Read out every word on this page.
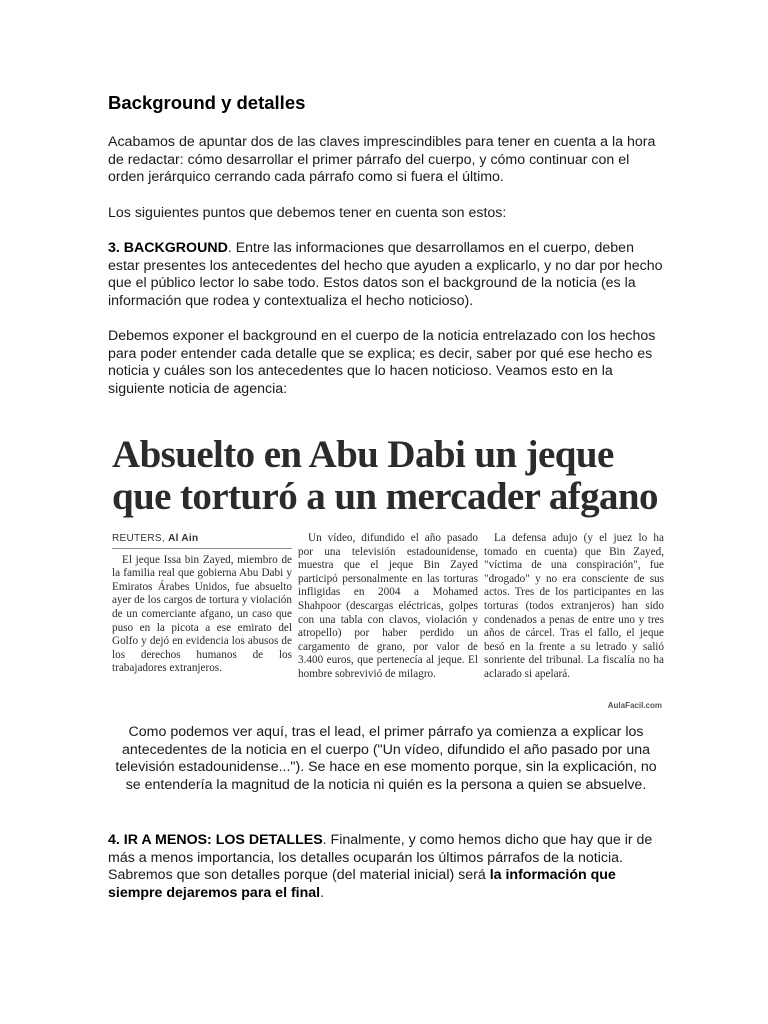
Background y detalles

Acabamos de apuntar dos de las claves imprescindibles para tener en cuenta a la hora de redactar: cómo desarrollar el primer párrafo del cuerpo, y cómo continuar con el orden jerárquico cerrando cada párrafo como si fuera el último.

Los siguientes puntos que debemos tener en cuenta son estos:

3. BACKGROUND. Entre las informaciones que desarrollamos en el cuerpo, deben estar presentes los antecedentes del hecho que ayuden a explicarlo, y no dar por hecho que el público lector lo sabe todo. Estos datos son el background de la noticia (es la información que rodea y contextualiza el hecho noticioso).

Debemos exponer el background en el cuerpo de la noticia entrelazado con los hechos para poder entender cada detalle que se explica; es decir, saber por qué ese hecho es noticia y cuáles son los antecedentes que lo hacen noticioso. Veamos esto en la siguiente noticia de agencia:

Absuelto en Abu Dabi un jeque que torturó a un mercader afgano
REUTERS, Al Ain
El jeque Issa bin Zayed, miembro de la familia real que gobierna Abu Dabi y Emiratos Árabes Unidos, fue absuelto ayer de los cargos de tortura y violación de un comerciante afgano, un caso que puso en la picota a ese emirato del Golfo y dejó en evidencia los abusos de los derechos humanos de los trabajadores extranjeros.
Un vídeo, difundido el año pasado por una televisión estadounidense, muestra que el jeque Bin Zayed participó personalmente en las torturas infligidas en 2004 a Mohamed Shahpoor (descargas eléctricas, golpes con una tabla con clavos, violación y atropello) por haber perdido un cargamento de grano, por valor de 3.400 euros, que pertenecía al jeque. El hombre sobrevivió de milagro.
La defensa adujo (y el juez lo ha tomado en cuenta) que Bin Zayed, "víctima de una conspiración", fue "drogado" y no era consciente de sus actos. Tres de los participantes en las torturas (todos extranjeros) han sido condenados a penas de entre uno y tres años de cárcel. Tras el fallo, el jeque besó en la frente a su letrado y salió sonriente del tribunal. La fiscalía no ha aclarado si apelará.
AulaFacil.com

Como podemos ver aquí, tras el lead, el primer párrafo ya comienza a explicar los antecedentes de la noticia en el cuerpo ("Un vídeo, difundido el año pasado por una televisión estadounidense..."). Se hace en ese momento porque, sin la explicación, no se entendería la magnitud de la noticia ni quién es la persona a quien se absuelve.

4. IR A MENOS: LOS DETALLES. Finalmente, y como hemos dicho que hay que ir de más a menos importancia, los detalles ocuparán los últimos párrafos de la noticia. Sabremos que son detalles porque (del material inicial) será la información que siempre dejaremos para el final.
